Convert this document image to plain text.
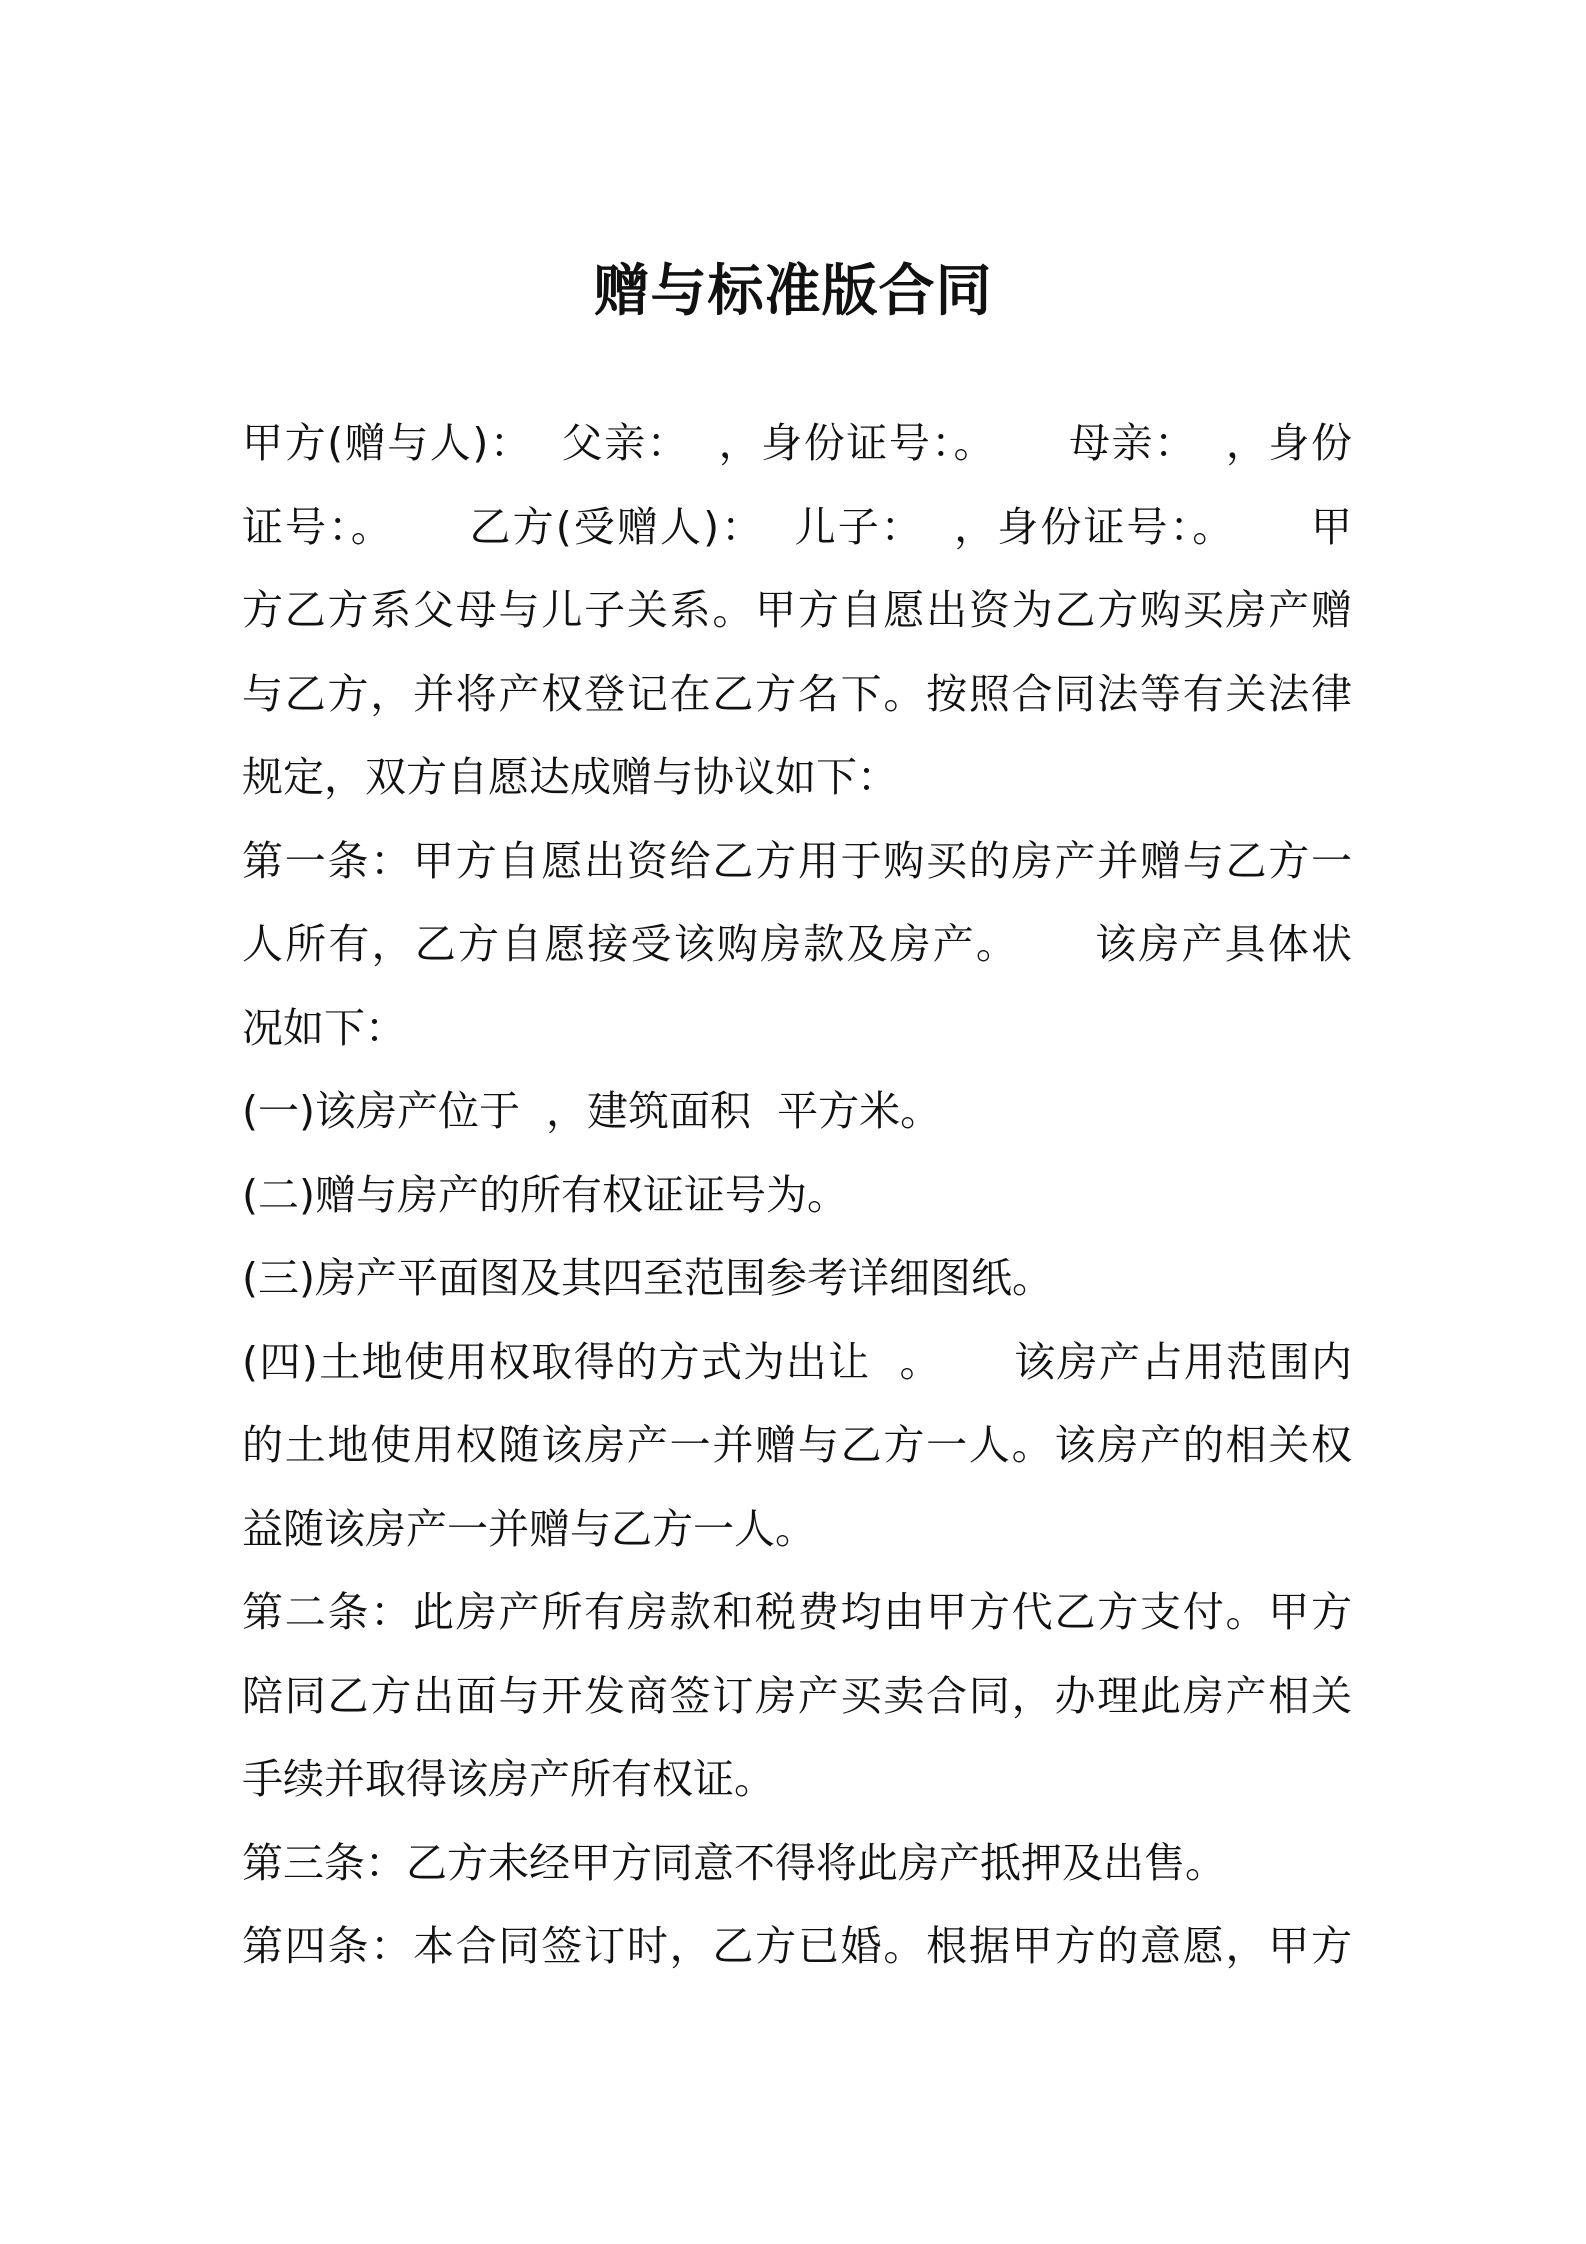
赠与标准版合同
甲方(赠与人)：  父亲：  ，身份证号：。     母亲：  ，身份
证号：。     乙方(受赠人)：  儿子：  ，身份证号：。     甲
方乙方系父母与儿子关系。甲方自愿出资为乙方购买房产赠
与乙方，并将产权登记在乙方名下。按照合同法等有关法律
规定，双方自愿达成赠与协议如下：
第一条：甲方自愿出资给乙方用于购买的房产并赠与乙方一
人所有，乙方自愿接受该购房款及房产。     该房产具体状
况如下：
(一)该房产位于  ，建筑面积  平方米。
(二)赠与房产的所有权证证号为。
(三)房产平面图及其四至范围参考详细图纸。
(四)土地使用权取得的方式为出让  。     该房产占用范围内
的土地使用权随该房产一并赠与乙方一人。该房产的相关权
益随该房产一并赠与乙方一人。
第二条：此房产所有房款和税费均由甲方代乙方支付。甲方
陪同乙方出面与开发商签订房产买卖合同，办理此房产相关
手续并取得该房产所有权证。
第三条：乙方未经甲方同意不得将此房产抵押及出售。
第四条：本合同签订时，乙方已婚。根据甲方的意愿，甲方
